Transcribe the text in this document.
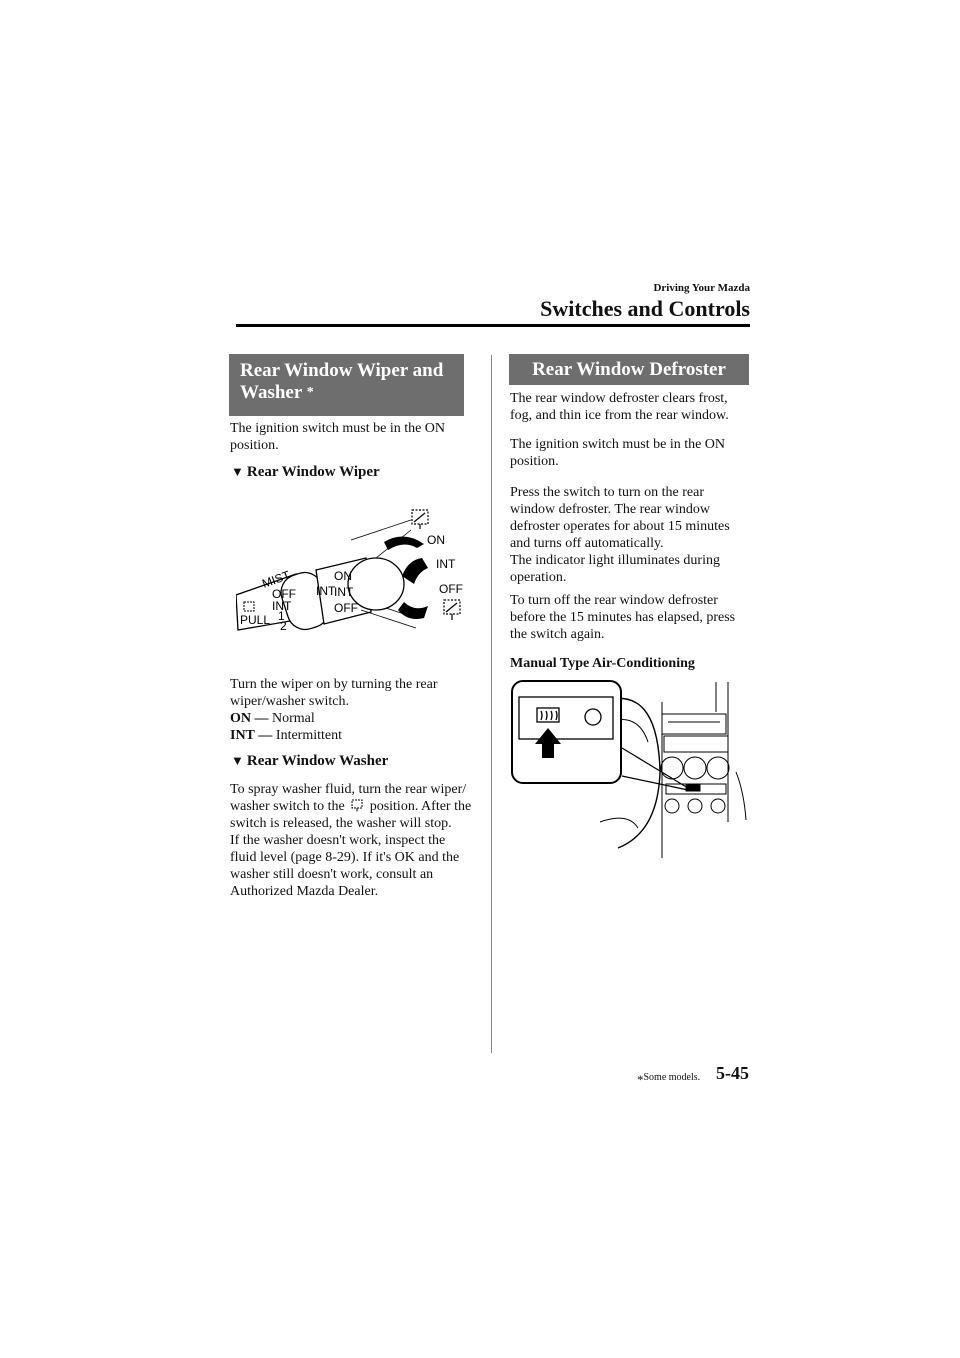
Driving Your Mazda
Switches and Controls
Rear Window Wiper and
Washer *
The ignition switch must be in the ON position.
▼ Rear Window Wiper
MIST
OFF
INT
1
2
PULL
INT
ON
INT
OFF
ON
INT
OFF
Turn the wiper on by turning the rear wiper/washer switch.
ON — Normal
INT — Intermittent
▼ Rear Window Washer
To spray washer fluid, turn the rear wiper/ washer switch to the position. After the switch is released, the washer will stop.
If the washer doesn't work, inspect the fluid level (page 8-29). If it's OK and the washer still doesn't work, consult an Authorized Mazda Dealer.
Rear Window Defroster
The rear window defroster clears frost, fog, and thin ice from the rear window.
The ignition switch must be in the ON position.
Press the switch to turn on the rear window defroster. The rear window defroster operates for about 15 minutes and turns off automatically.
The indicator light illuminates during operation.
To turn off the rear window defroster before the 15 minutes has elapsed, press the switch again.
Manual Type Air-Conditioning
*Some models. 5-45
